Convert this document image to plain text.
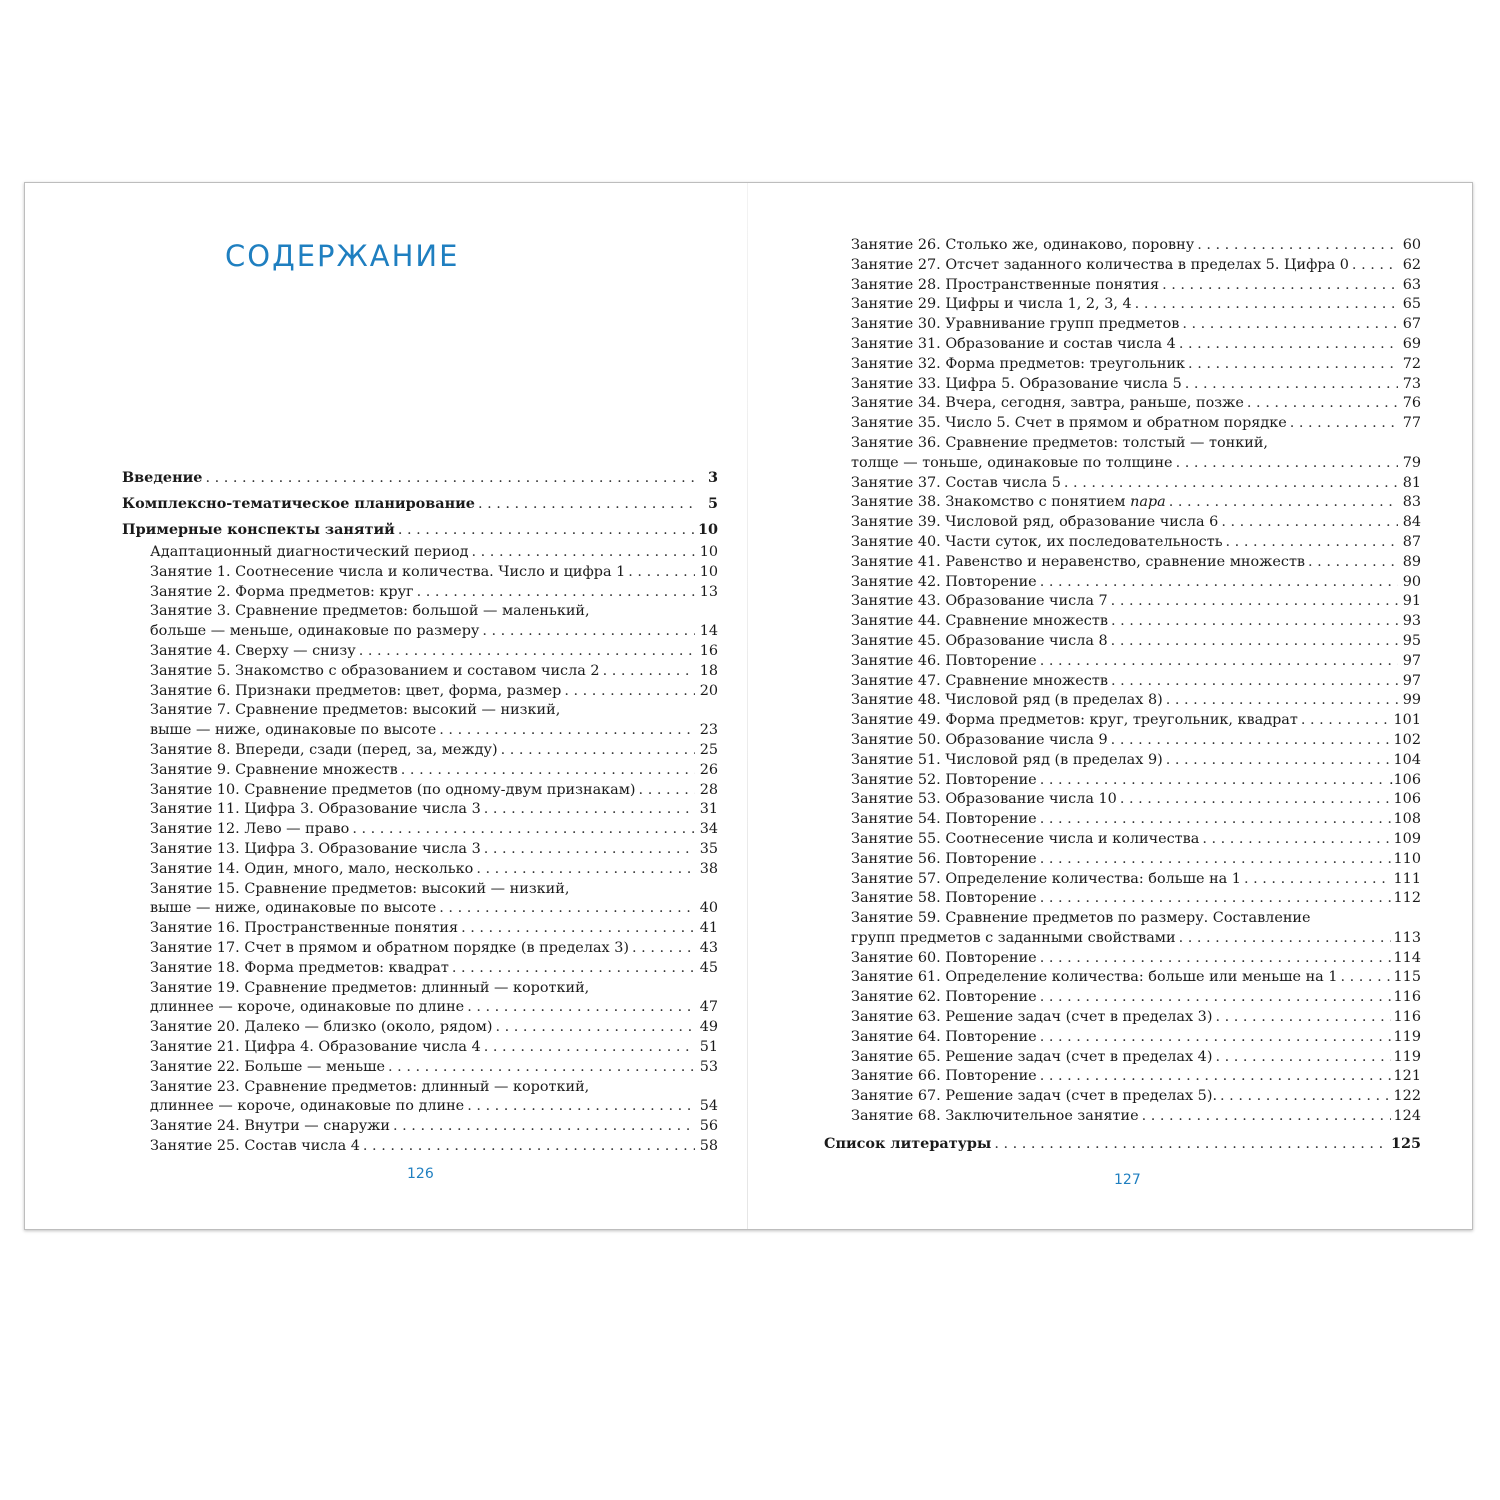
СОДЕРЖАНИЕ
Введение . . .	3
Комплексно-тематическое планирование . . .	5
Примерные конспекты занятий . . .	10
Адаптационный диагностический период . . .	10
Занятие 1. Соотнесение числа и количества. Число и цифра 1 . . .	10
Занятие 2. Форма предметов: круг . . .	13
Занятие 3. Сравнение предметов: большой — маленький,
больше — меньше, одинаковые по размеру . . .	14
Занятие 4. Сверху — снизу . . .	16
Занятие 5. Знакомство с образованием и составом числа 2 . . .	18
Занятие 6. Признаки предметов: цвет, форма, размер . . .	20
Занятие 7. Сравнение предметов: высокий — низкий,
выше — ниже, одинаковые по высоте . . .	23
Занятие 8. Впереди, сзади (перед, за, между) . . .	25
Занятие 9. Сравнение множеств . . .	26
Занятие 10. Сравнение предметов (по одному-двум признакам) . . .	28
Занятие 11. Цифра 3. Образование числа 3 . . .	31
Занятие 12. Лево — право . . .	34
Занятие 13. Цифра 3. Образование числа 3 . . .	35
Занятие 14. Один, много, мало, несколько . . .	38
Занятие 15. Сравнение предметов: высокий — низкий,
выше — ниже, одинаковые по высоте . . .	40
Занятие 16. Пространственные понятия . . .	41
Занятие 17. Счет в прямом и обратном порядке (в пределах 3) . . .	43
Занятие 18. Форма предметов: квадрат . . .	45
Занятие 19. Сравнение предметов: длинный — короткий,
длиннее — короче, одинаковые по длине . . .	47
Занятие 20. Далеко — близко (около, рядом) . . .	49
Занятие 21. Цифра 4. Образование числа 4 . . .	51
Занятие 22. Больше — меньше . . .	53
Занятие 23. Сравнение предметов: длинный — короткий,
длиннее — короче, одинаковые по длине . . .	54
Занятие 24. Внутри — снаружи . . .	56
Занятие 25. Состав числа 4 . . .	58
126
Занятие 26. Столько же, одинаково, поровну . . .	60
Занятие 27. Отсчет заданного количества в пределах 5. Цифра 0 . . .	62
Занятие 28. Пространственные понятия . . .	63
Занятие 29. Цифры и числа 1, 2, 3, 4 . . .	65
Занятие 30. Уравнивание групп предметов . . .	67
Занятие 31. Образование и состав числа 4 . . .	69
Занятие 32. Форма предметов: треугольник . . .	72
Занятие 33. Цифра 5. Образование числа 5 . . .	73
Занятие 34. Вчера, сегодня, завтра, раньше, позже . . .	76
Занятие 35. Число 5. Счет в прямом и обратном порядке . . .	77
Занятие 36. Сравнение предметов: толстый — тонкий,
толще — тоньше, одинаковые по толщине . . .	79
Занятие 37. Состав числа 5 . . .	81
Занятие 38. Знакомство с понятием пара . . .	83
Занятие 39. Числовой ряд, образование числа 6 . . .	84
Занятие 40. Части суток, их последовательность . . .	87
Занятие 41. Равенство и неравенство, сравнение множеств . . .	89
Занятие 42. Повторение . . .	90
Занятие 43. Образование числа 7 . . .	91
Занятие 44. Сравнение множеств . . .	93
Занятие 45. Образование числа 8 . . .	95
Занятие 46. Повторение . . .	97
Занятие 47. Сравнение множеств . . .	97
Занятие 48. Числовой ряд (в пределах 8) . . .	99
Занятие 49. Форма предметов: круг, треугольник, квадрат . . .	101
Занятие 50. Образование числа 9 . . .	102
Занятие 51. Числовой ряд (в пределах 9) . . .	104
Занятие 52. Повторение . . .	.106
Занятие 53. Образование числа 10 . . .	106
Занятие 54. Повторение . . .	108
Занятие 55. Соотнесение числа и количества . . .	109
Занятие 56. Повторение . . .	110
Занятие 57. Определение количества: больше на 1 . . .	111
Занятие 58. Повторение . . .	112
Занятие 59. Сравнение предметов по размеру. Составление
групп предметов с заданными свойствами . . .	113
Занятие 60. Повторение . . .	114
Занятие 61. Определение количества: больше или меньше на 1 . . .	115
Занятие 62. Повторение . . .	116
Занятие 63. Решение задач (счет в пределах 3) . . .	116
Занятие 64. Повторение . . .	119
Занятие 65. Решение задач (счет в пределах 4) . . .	119
Занятие 66. Повторение . . .	121
Занятие 67. Решение задач (счет в пределах 5). . . .	122
Занятие 68. Заключительное занятие . . .	124
Список литературы . . .	125
127
